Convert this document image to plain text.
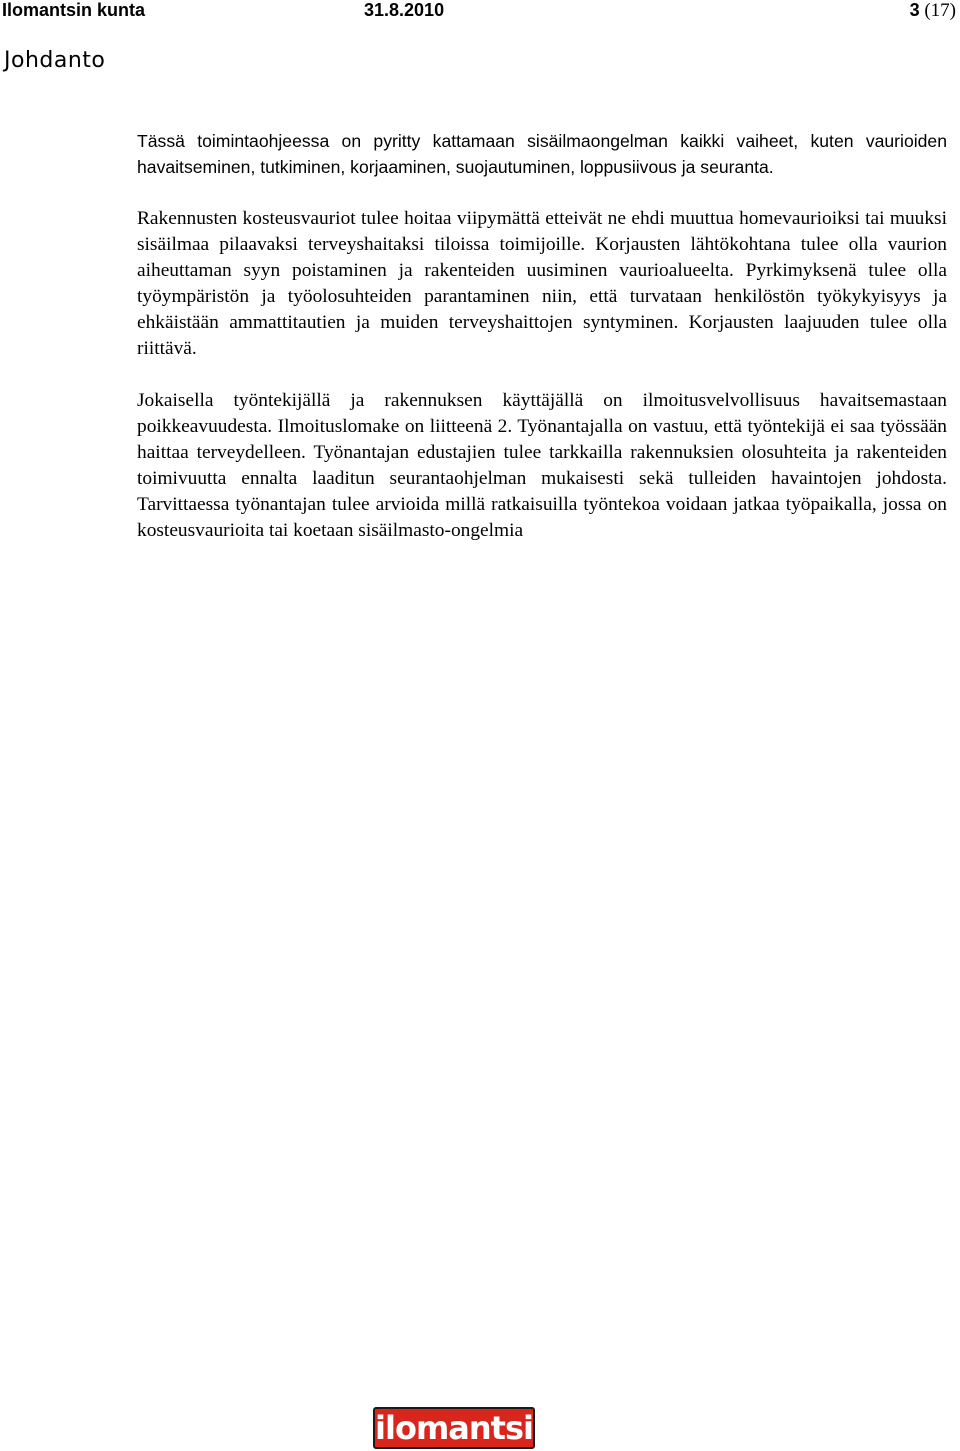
Ilomantsin kunta	31.8.2010	3 (17)
Johdanto

Tässä toimintaohjeessa on pyritty kattamaan sisäilmaongelman kaikki vaiheet, kuten vaurioiden havaitseminen, tutkiminen, korjaaminen, suojautuminen, loppusiivous ja seuranta.

Rakennusten kosteusvauriot tulee hoitaa viipymättä etteivät ne ehdi muuttua homevaurioiksi tai muuksi sisäilmaa pilaavaksi terveyshaitaksi tiloissa toimijoille. Korjausten lähtökohtana tulee olla vaurion aiheuttaman syyn poistaminen ja rakenteiden uusiminen vaurioalueelta. Pyrkimyksenä tulee olla työympäristön ja työolosuhteiden parantaminen niin, että turvataan henkilöstön työkykyisyys ja ehkäistään ammattitautien ja muiden terveyshaittojen syntyminen. Korjausten laajuuden tulee olla riittävä.

Jokaisella työntekijällä ja rakennuksen käyttäjällä on ilmoitusvelvollisuus havaitsemastaan poikkeavuudesta. Ilmoituslomake on liitteenä 2. Työnantajalla on vastuu, että työntekijä ei saa työssään haittaa terveydelleen. Työnantajan edustajien tulee tarkkailla rakennuksien olosuhteita ja rakenteiden toimivuutta ennalta laaditun seurantaohjelman mukaisesti sekä tulleiden havaintojen johdosta. Tarvittaessa työnantajan tulee arvioida millä ratkaisuilla työntekoa voidaan jatkaa työpaikalla, jossa on kosteusvaurioita tai koetaan sisäilmasto-ongelmia

ilomantsi
